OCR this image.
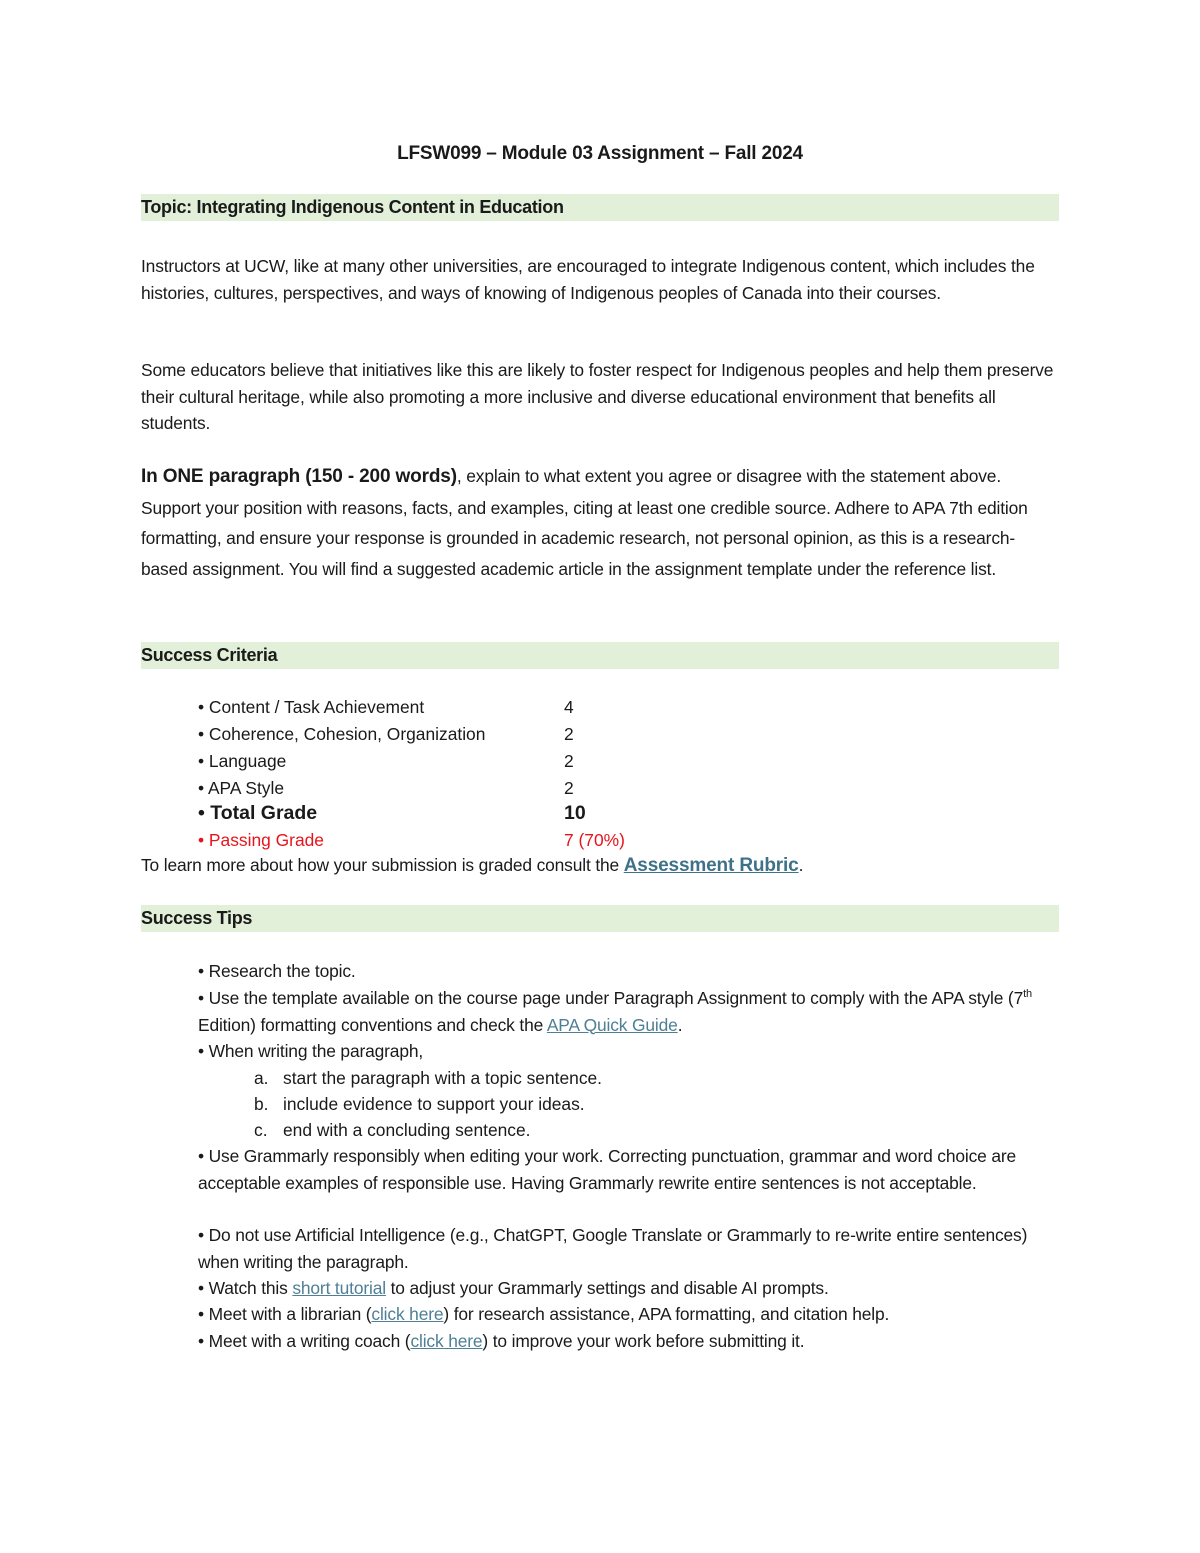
LFSW099 – Module 03 Assignment – Fall 2024
Topic: Integrating Indigenous Content in Education
Instructors at UCW, like at many other universities, are encouraged to integrate Indigenous content, which includes the histories, cultures, perspectives, and ways of knowing of Indigenous peoples of Canada into their courses.
Some educators believe that initiatives like this are likely to foster respect for Indigenous peoples and help them preserve their cultural heritage, while also promoting a more inclusive and diverse educational environment that benefits all students.
In ONE paragraph (150 - 200 words), explain to what extent you agree or disagree with the statement above. Support your position with reasons, facts, and examples, citing at least one credible source. Adhere to APA 7th edition formatting, and ensure your response is grounded in academic research, not personal opinion, as this is a research-based assignment. You will find a suggested academic article in the assignment template under the reference list.
Success Criteria
• Content / Task Achievement	4
• Coherence, Cohesion, Organization	2
• Language	2
• APA Style	2
• Total Grade	10
• Passing Grade	7 (70%)
To learn more about how your submission is graded consult the Assessment Rubric.
Success Tips
• Research the topic.
• Use the template available on the course page under Paragraph Assignment to comply with the APA style (7th Edition) formatting conventions and check the APA Quick Guide.
• When writing the paragraph,
a. start the paragraph with a topic sentence.
b. include evidence to support your ideas.
c. end with a concluding sentence.
• Use Grammarly responsibly when editing your work. Correcting punctuation, grammar and word choice are acceptable examples of responsible use. Having Grammarly rewrite entire sentences is not acceptable.
• Do not use Artificial Intelligence (e.g., ChatGPT, Google Translate or Grammarly to re-write entire sentences) when writing the paragraph.
• Watch this short tutorial to adjust your Grammarly settings and disable AI prompts.
• Meet with a librarian (click here) for research assistance, APA formatting, and citation help.
• Meet with a writing coach (click here) to improve your work before submitting it.
